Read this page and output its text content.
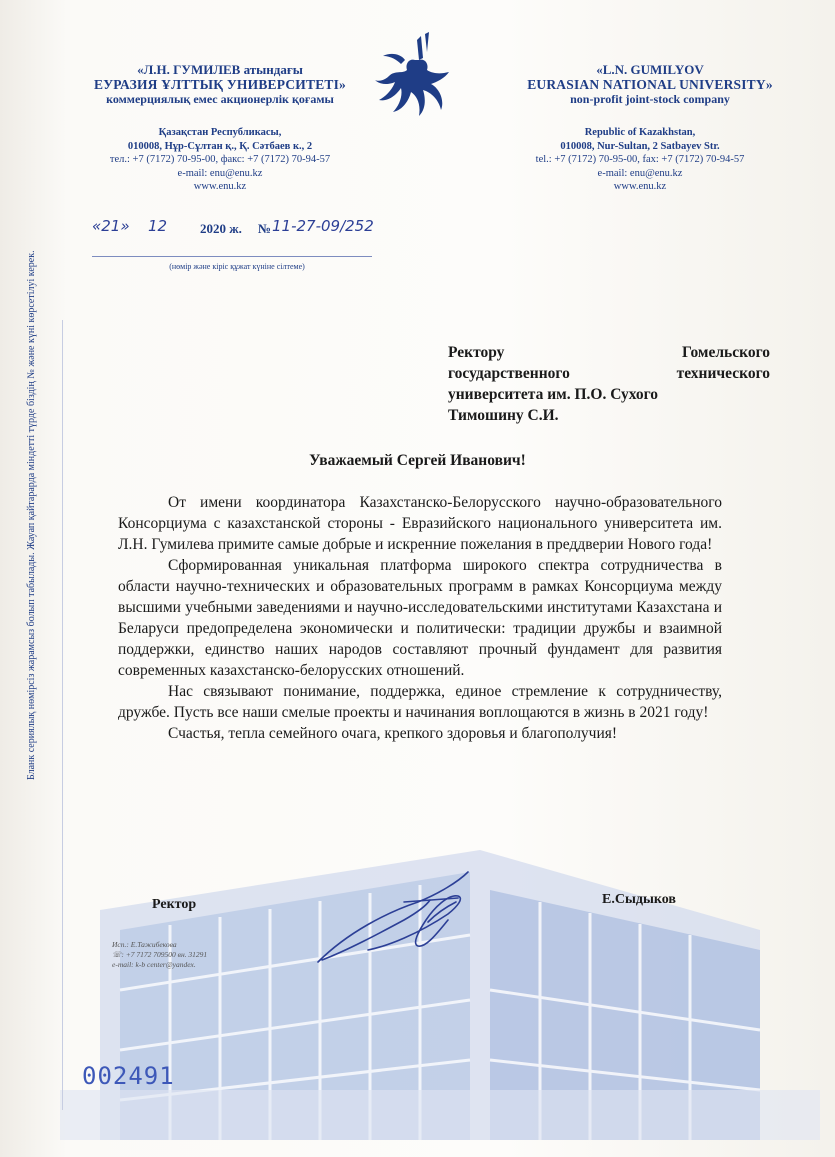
Бланк сериялық нөмірсіз жарамсыз болып табылады. Жауап қайтарарда міндетті түрде біздің № және күні көрсетілуі керек.
«Л.Н. ГУМИЛЕВ атындағы
ЕУРАЗИЯ ҰЛТТЫҚ УНИВЕРСИТЕТІ»
коммерциялық емес акционерлік қоғамы
«L.N. GUMILYOV
EURASIAN NATIONAL UNIVERSITY»
non-profit joint-stock company
Қазақстан Республикасы,
010008, Нұр-Сұлтан қ., Қ. Сәтбаев к., 2
тел.: +7 (7172) 70-95-00, факс: +7 (7172) 70-94-57
e-mail: enu@enu.kz
www.enu.kz
Republic of Kazakhstan,
010008, Nur-Sultan, 2 Satbayev Str.
tel.: +7 (7172) 70-95-00, fax: +7 (7172) 70-94-57
e-mail: enu@enu.kz
www.enu.kz
«21» 12	2020 ж. № 11-27-09/252
(нөмір және кіріс құжат күніне сілтеме)
Ректору	Гомельского
государственного	технического
университета им. П.О. Сухого
Тимошину С.И.
Уважаемый Сергей Иванович!

От имени координатора Казахстанско-Белорусского научно-образовательного Консорциума с казахстанской стороны - Евразийского национального университета им. Л.Н. Гумилева примите самые добрые и искренние пожелания в преддверии Нового года!

Сформированная уникальная платформа широкого спектра сотрудничества в области научно-технических и образовательных программ в рамках Консорциума между высшими учебными заведениями и научно-исследовательскими институтами Казахстана и Беларуси предопределена экономически и политически: традиции дружбы и взаимной поддержки, единство наших народов составляют прочный фундамент для развития современных казахстанско-белорусских отношений.

Нас связывают понимание, поддержка, единое стремление к сотрудничеству, дружбе. Пусть все наши смелые проекты и начинания воплощаются в жизнь в 2021 году!

Счастья, тепла семейного очага, крепкого здоровья и благополучия!

Ректор	Е.Сыдыков
Исп.: Е.Тажибекова
☏: +7 7172 709500 вн. 31291
e-mail: k-b center@yandex.
002491
